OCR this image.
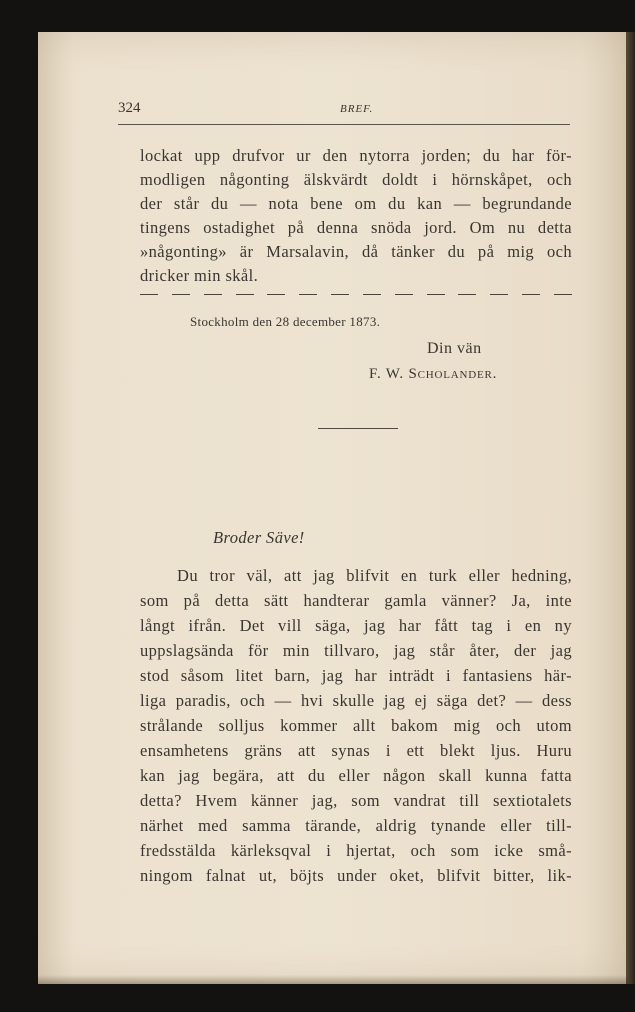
324	BREF.
lockat upp drufvor ur den nytorra jorden; du har för-
modligen någonting älskvärdt doldt i hörnskåpet, och
der står du — nota bene om du kan — begrundande
tingens ostadighet på denna snöda jord. Om nu detta
»någonting» är Marsalavin, då tänker du på mig och
dricker min skål.
Stockholm den 28 december 1873.
Din vän
F. W. Scholander.
Broder Säve!
Du tror väl, att jag blifvit en turk eller hedning,
som på detta sätt handterar gamla vänner? Ja, inte
långt ifrån. Det vill säga, jag har fått tag i en ny
uppslagsända för min tillvaro, jag står åter, der jag
stod såsom litet barn, jag har inträdt i fantasiens här-
liga paradis, och — hvi skulle jag ej säga det? — dess
strålande solljus kommer allt bakom mig och utom
ensamhetens gräns att synas i ett blekt ljus. Huru
kan jag begära, att du eller någon skall kunna fatta
detta? Hvem känner jag, som vandrat till sextiotalets
närhet med samma tärande, aldrig tynande eller till-
fredsstälda kärleksqval i hjertat, och som icke små-
ningom falnat ut, böjts under oket, blifvit bitter, lik-
